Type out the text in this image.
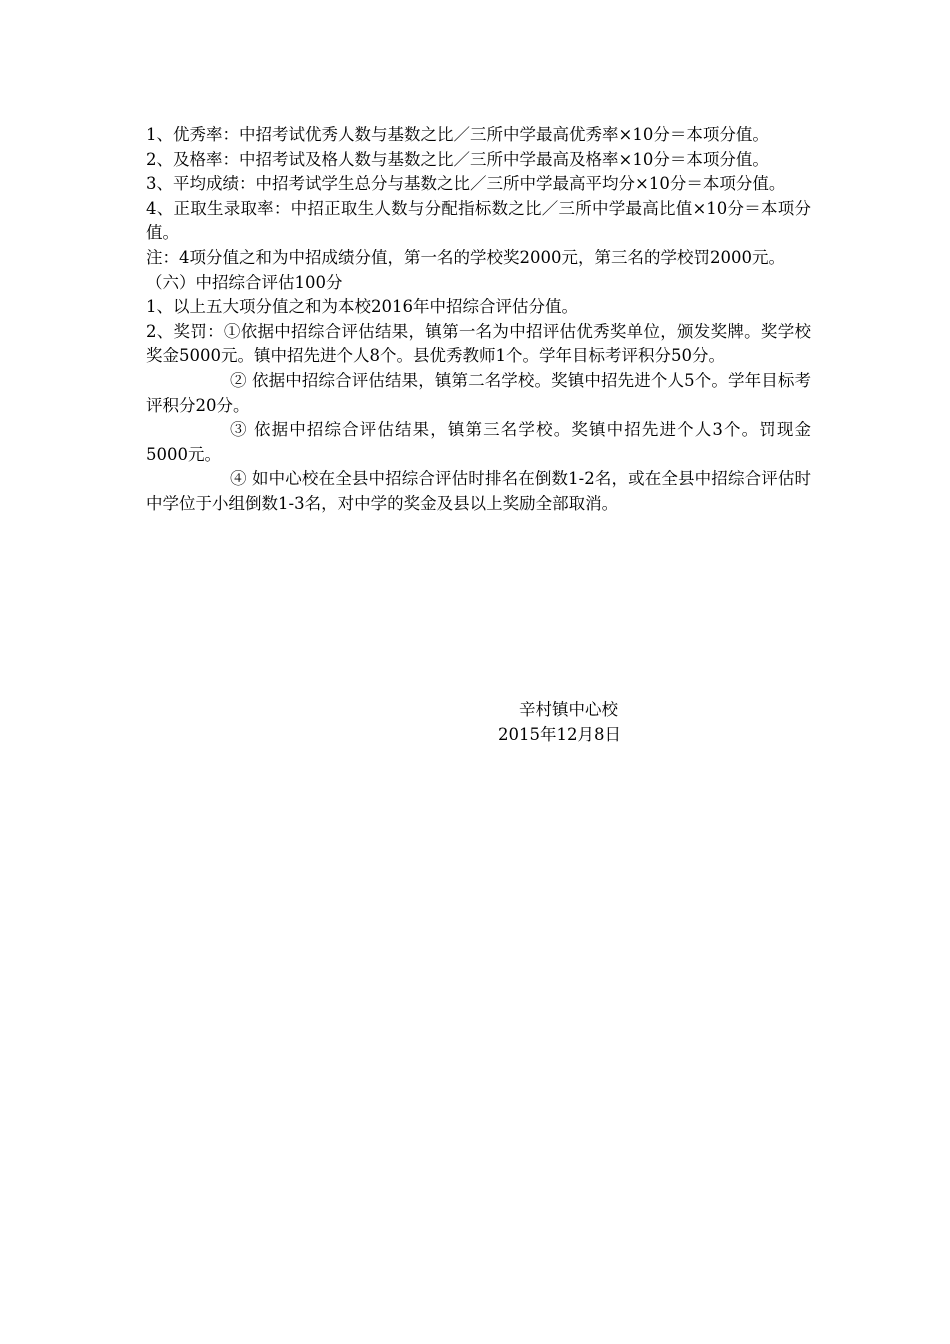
1、优秀率：中招考试优秀人数与基数之比／三所中学最高优秀率×10分＝本项分值。

2、及格率：中招考试及格人数与基数之比／三所中学最高及格率×10分＝本项分值。

3、平均成绩：中招考试学生总分与基数之比／三所中学最高平均分×10分＝本项分值。

4、正取生录取率：中招正取生人数与分配指标数之比／三所中学最高比值×10分＝本项分值。

注：4项分值之和为中招成绩分值，第一名的学校奖2000元，第三名的学校罚2000元。

（六）中招综合评估100分

1、以上五大项分值之和为本校2016年中招综合评估分值。

2、奖罚：①依据中招综合评估结果，镇第一名为中招评估优秀奖单位，颁发奖牌。奖学校奖金5000元。镇中招先进个人8个。县优秀教师1个。学年目标考评积分50分。

② 依据中招综合评估结果，镇第二名学校。奖镇中招先进个人5个。学年目标考评积分20分。

③ 依据中招综合评估结果，镇第三名学校。奖镇中招先进个人3个。罚现金5000元。

④ 如中心校在全县中招综合评估时排名在倒数1-2名，或在全县中招综合评估时中学位于小组倒数1-3名，对中学的奖金及县以上奖励全部取消。

辛村镇中心校
2015年12月8日
